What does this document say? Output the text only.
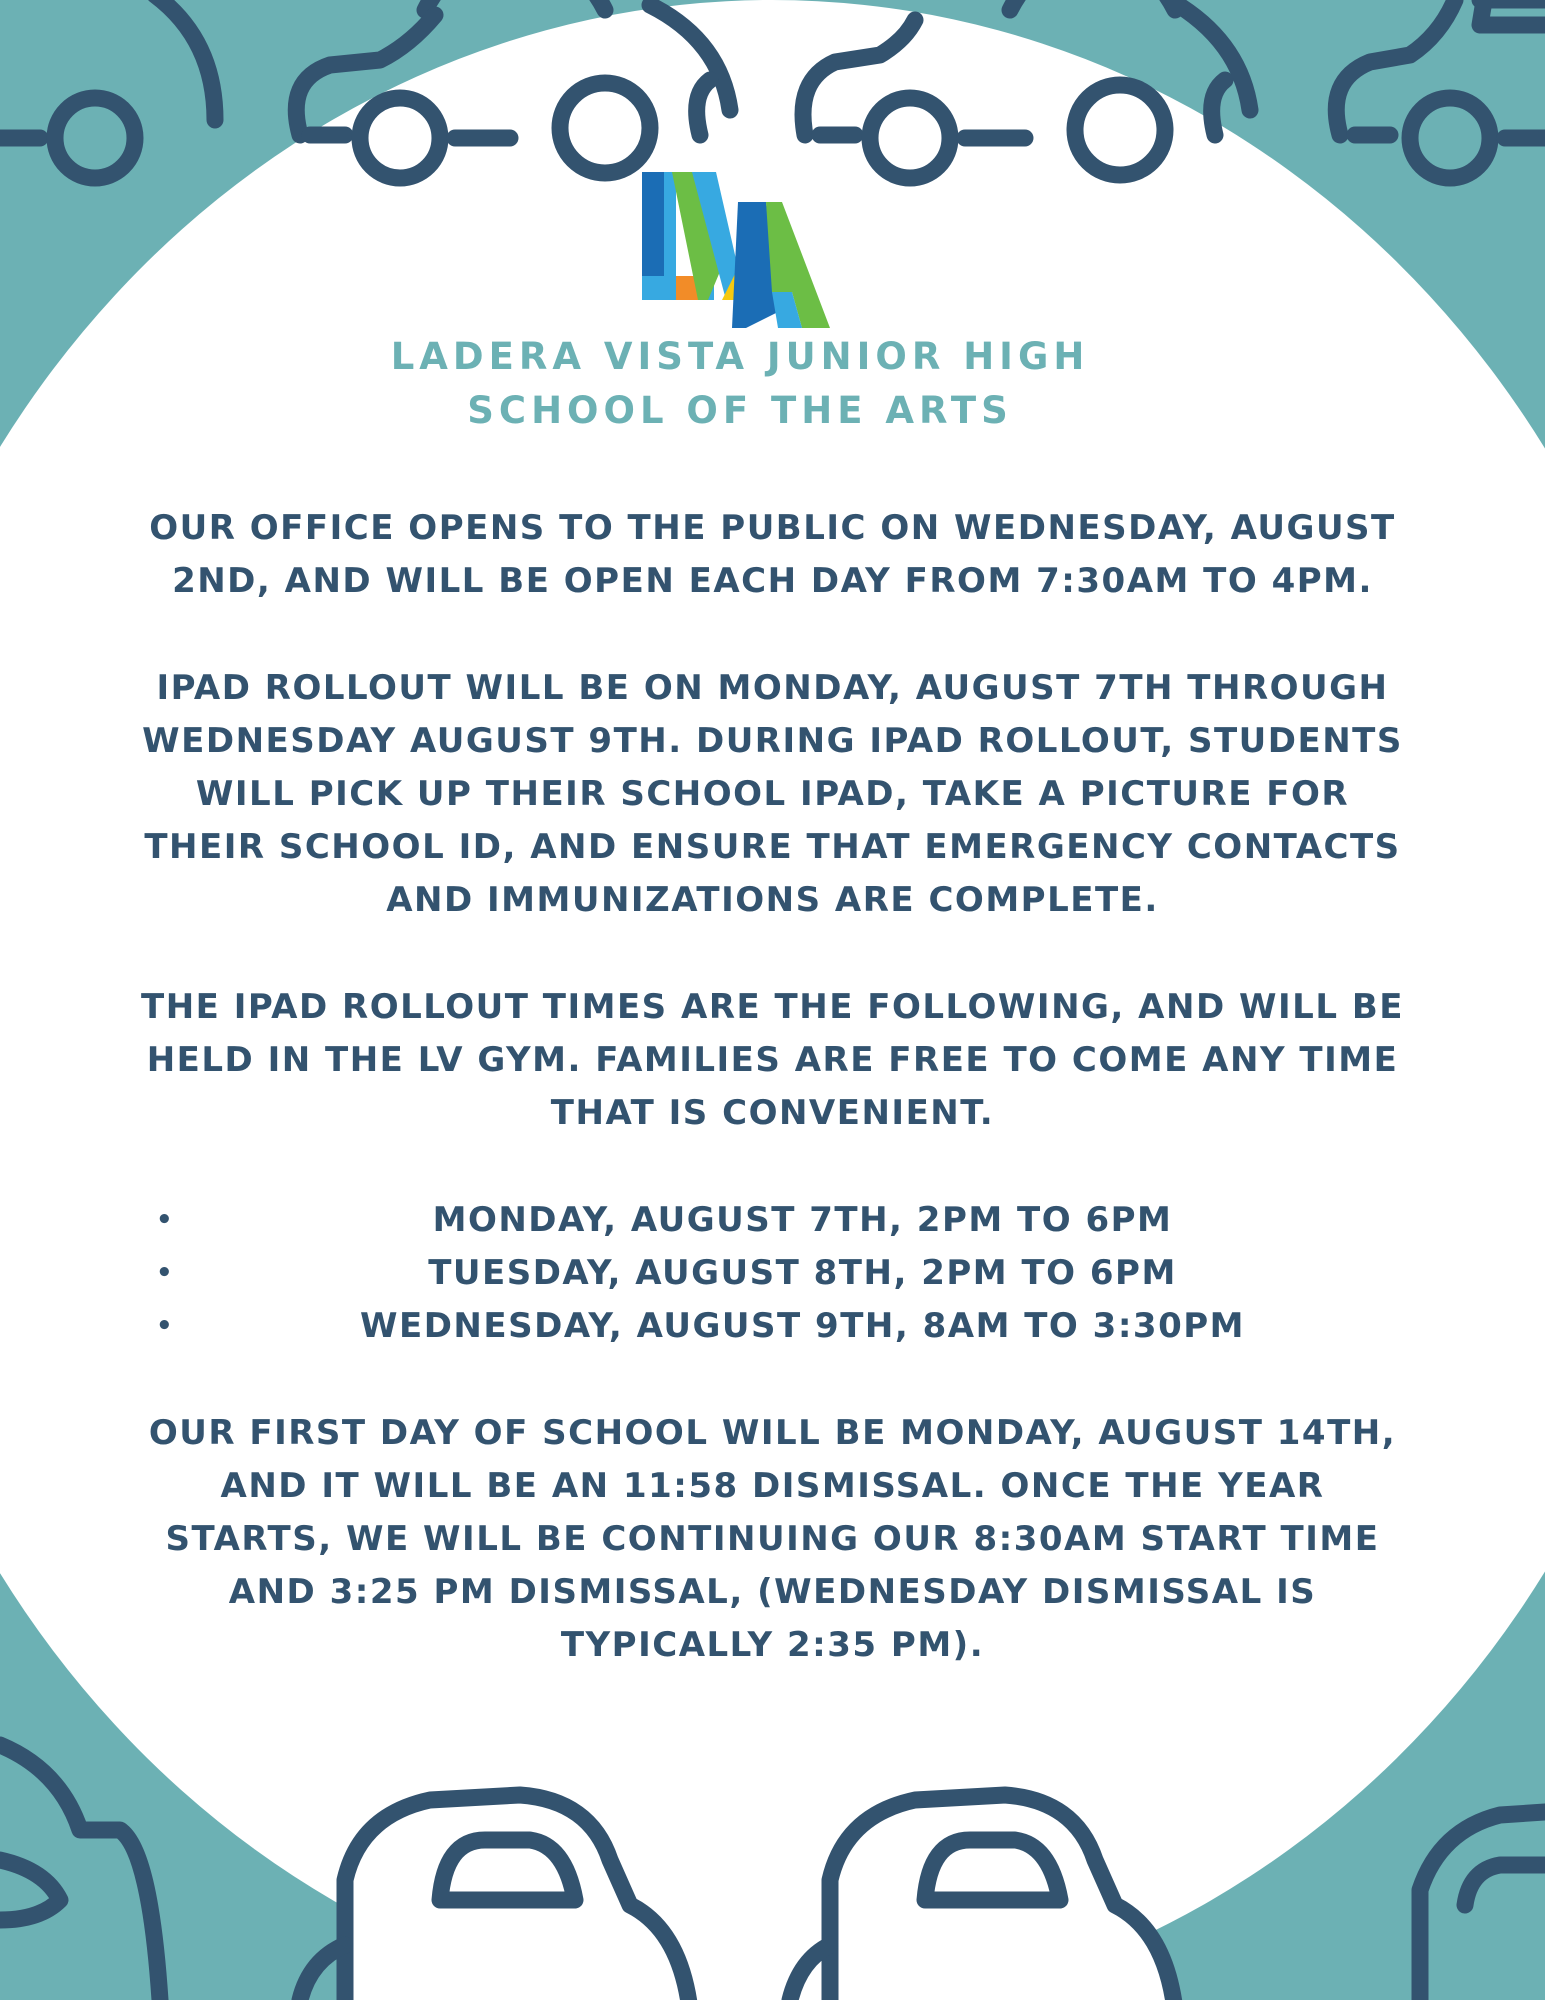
LADERA VISTA JUNIOR HIGH
SCHOOL OF THE ARTS
OUR OFFICE OPENS TO THE PUBLIC ON WEDNESDAY, AUGUST
2ND, AND WILL BE OPEN EACH DAY FROM 7:30AM TO 4PM.
IPAD ROLLOUT WILL BE ON MONDAY, AUGUST 7TH THROUGH
WEDNESDAY AUGUST 9TH. DURING IPAD ROLLOUT, STUDENTS
WILL PICK UP THEIR SCHOOL IPAD, TAKE A PICTURE FOR
THEIR SCHOOL ID, AND ENSURE THAT EMERGENCY CONTACTS
AND IMMUNIZATIONS ARE COMPLETE.
THE IPAD ROLLOUT TIMES ARE THE FOLLOWING, AND WILL BE
HELD IN THE LV GYM. FAMILIES ARE FREE TO COME ANY TIME
THAT IS CONVENIENT.
•	MONDAY, AUGUST 7TH, 2PM TO 6PM
•	TUESDAY, AUGUST 8TH, 2PM TO 6PM
•	WEDNESDAY, AUGUST 9TH, 8AM TO 3:30PM
OUR FIRST DAY OF SCHOOL WILL BE MONDAY, AUGUST 14TH,
AND IT WILL BE AN 11:58 DISMISSAL. ONCE THE YEAR
STARTS, WE WILL BE CONTINUING OUR 8:30AM START TIME
AND 3:25 PM DISMISSAL, (WEDNESDAY DISMISSAL IS
TYPICALLY 2:35 PM).
